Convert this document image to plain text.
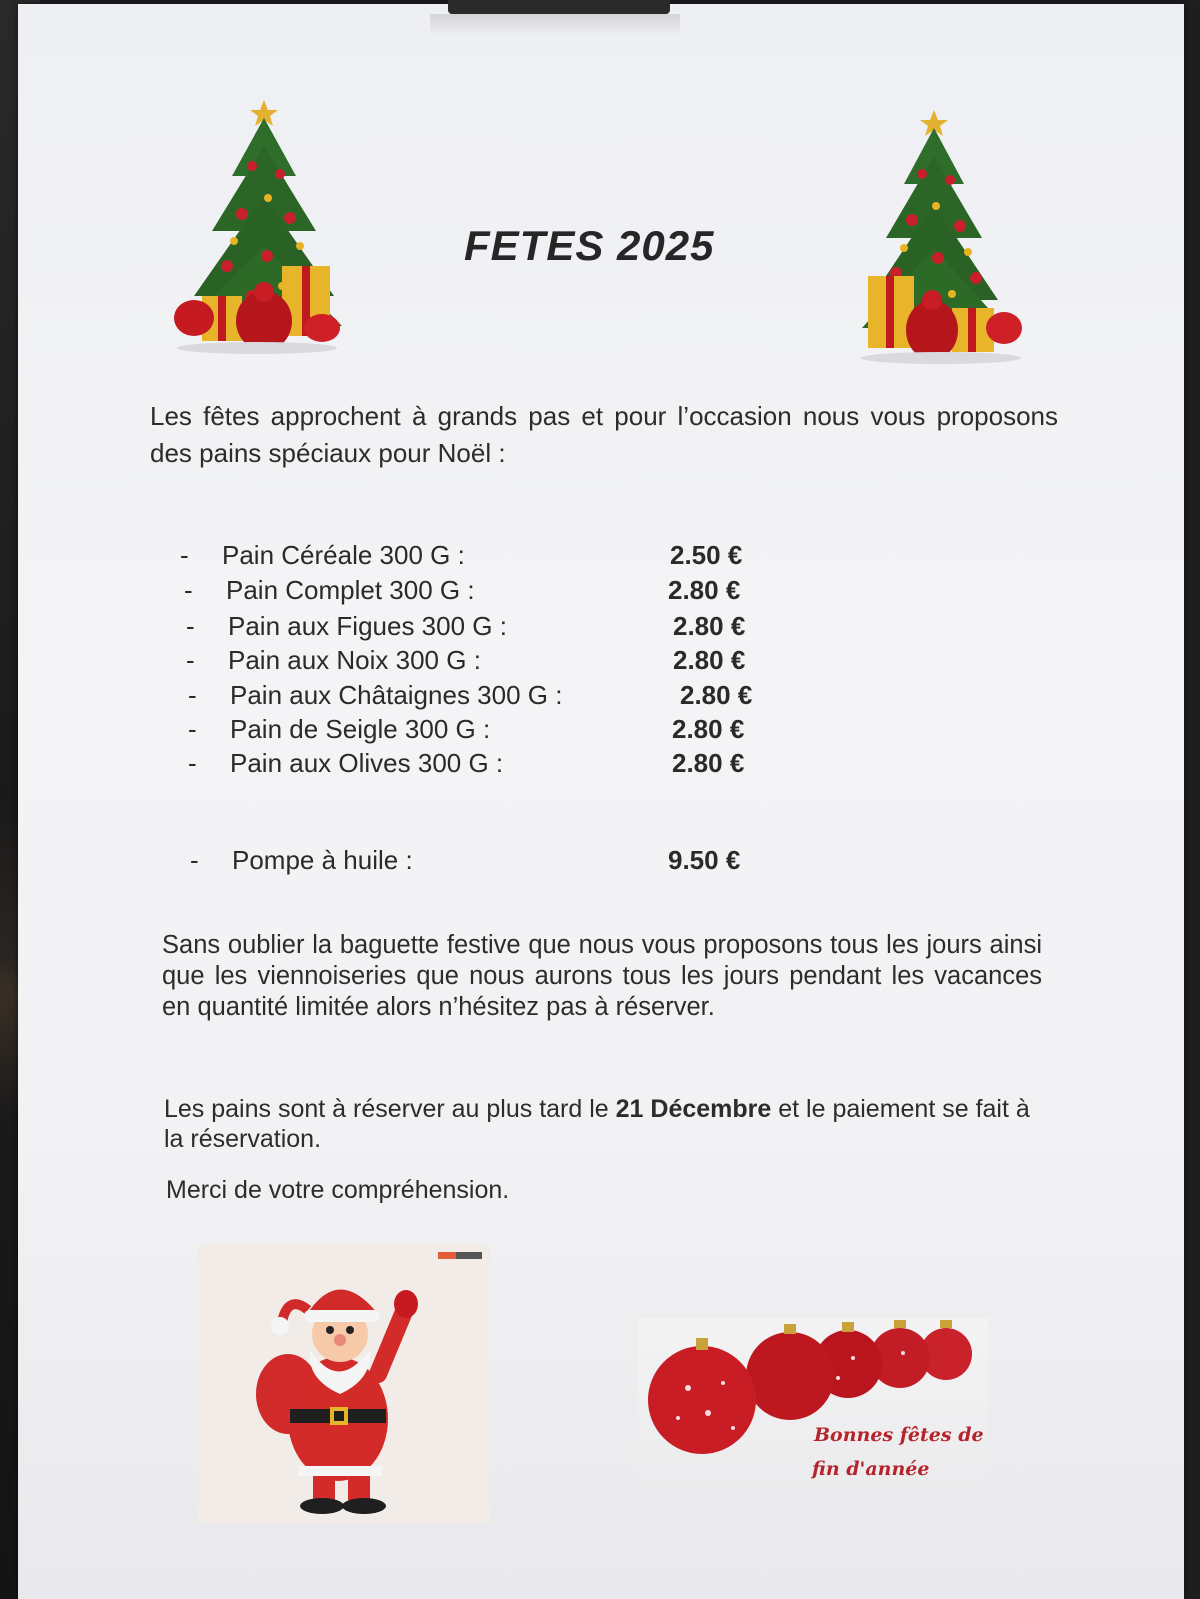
FETES 2025
Les fêtes approchent à grands pas et pour l’occasion nous vous proposons des pains spéciaux pour Noël :
- Pain Céréale 300 G :	2.50 €
- Pain Complet 300 G :	2.80 €
- Pain aux Figues 300 G :	2.80 €
- Pain aux Noix 300 G :	2.80 €
- Pain aux Châtaignes 300 G :	2.80 €
- Pain de Seigle 300 G :	2.80 €
- Pain aux Olives 300 G :	2.80 €
- Pompe à huile :	9.50 €
Sans oublier la baguette festive que nous vous proposons tous les jours ainsi que les viennoiseries que nous aurons tous les jours pendant les vacances en quantité limitée alors n’hésitez pas à réserver.
Les pains sont à réserver au plus tard le 21 Décembre et le paiement se fait à la réservation.
Merci de votre compréhension.
Bonnes fêtes de
fin d'année
